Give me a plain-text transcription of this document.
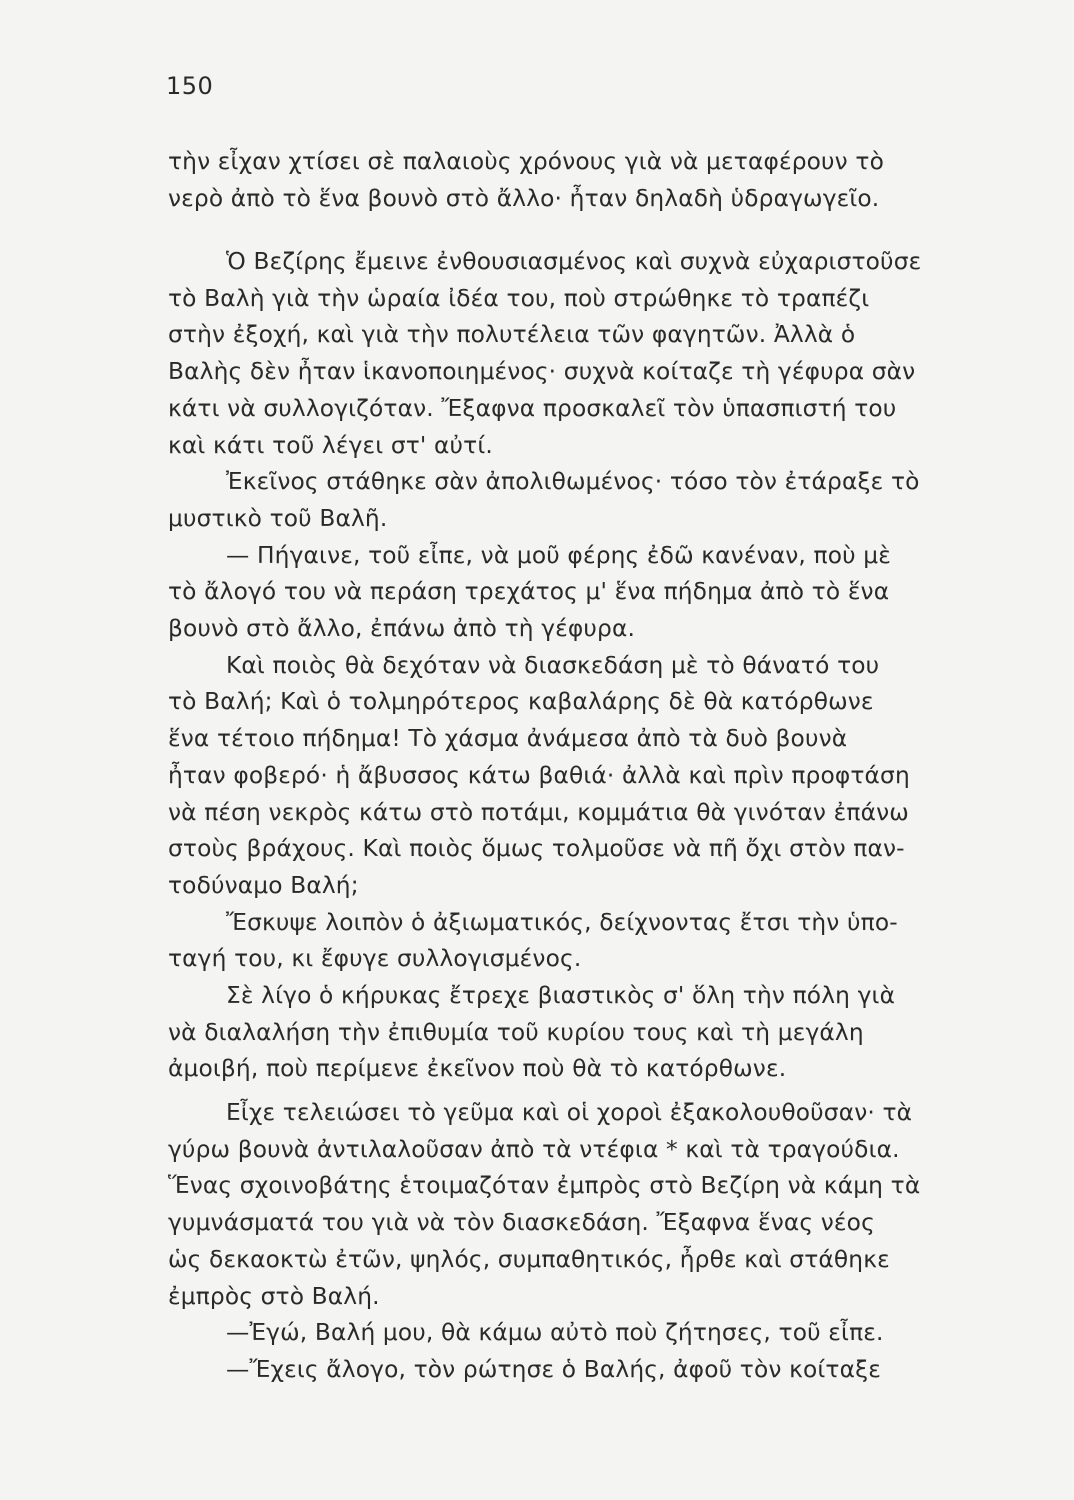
150
τὴν εἶχαν χτίσει σὲ παλαιοὺς χρόνους γιὰ νὰ μεταφέρουν τὸ
νερὸ ἀπὸ τὸ ἕνα βουνὸ στὸ ἄλλο· ἦταν δηλαδὴ ὑδραγωγεῖο.
Ὁ Βεζίρης ἔμεινε ἐνθουσιασμένος καὶ συχνὰ εὐχαριστοῦσε
τὸ Βαλὴ γιὰ τὴν ὡραία ἰδέα του, ποὺ στρώθηκε τὸ τραπέζι
στὴν ἐξοχή, καὶ γιὰ τὴν πολυτέλεια τῶν φαγητῶν. Ἀλλὰ ὁ
Βαλὴς δὲν ἦταν ἱκανοποιημένος· συχνὰ κοίταζε τὴ γέφυρα σὰν
κάτι νὰ συλλογιζόταν. Ἔξαφνα προσκαλεῖ τὸν ὑπασπιστή του
καὶ κάτι τοῦ λέγει στ' αὐτί.
Ἐκεῖνος στάθηκε σὰν ἀπολιθωμένος· τόσο τὸν ἐτάραξε τὸ
μυστικὸ τοῦ Βαλῆ.
— Πήγαινε, τοῦ εἶπε, νὰ μοῦ φέρης ἐδῶ κανέναν, ποὺ μὲ
τὸ ἄλογό του νὰ περάση τρεχάτος μ' ἕνα πήδημα ἀπὸ τὸ ἕνα
βουνὸ στὸ ἄλλο, ἐπάνω ἀπὸ τὴ γέφυρα.
Καὶ ποιὸς θὰ δεχόταν νὰ διασκεδάση μὲ τὸ θάνατό του
τὸ Βαλή; Καὶ ὁ τολμηρότερος καβαλάρης δὲ θὰ κατόρθωνε
ἕνα τέτοιο πήδημα! Τὸ χάσμα ἀνάμεσα ἀπὸ τὰ δυὸ βουνὰ
ἦταν φοβερό· ἡ ἄβυσσος κάτω βαθιά· ἀλλὰ καὶ πρὶν προφτάση
νὰ πέση νεκρὸς κάτω στὸ ποτάμι, κομμάτια θὰ γινόταν ἐπάνω
στοὺς βράχους. Καὶ ποιὸς ὅμως τολμοῦσε νὰ πῆ ὄχι στὸν παν-
τοδύναμο Βαλή;
Ἔσκυψε λοιπὸν ὁ ἀξιωματικός, δείχνοντας ἔτσι τὴν ὑπο-
ταγή του, κι ἔφυγε συλλογισμένος.
Σὲ λίγο ὁ κήρυκας ἔτρεχε βιαστικὸς σ' ὅλη τὴν πόλη γιὰ
νὰ διαλαλήση τὴν ἐπιθυμία τοῦ κυρίου τους καὶ τὴ μεγάλη
ἀμοιβή, ποὺ περίμενε ἐκεῖνον ποὺ θὰ τὸ κατόρθωνε.
Εἶχε τελειώσει τὸ γεῦμα καὶ οἱ χοροὶ ἐξακολουθοῦσαν· τὰ
γύρω βουνὰ ἀντιλαλοῦσαν ἀπὸ τὰ ντέφια * καὶ τὰ τραγούδια.
Ἕνας σχοινοβάτης ἑτοιμαζόταν ἐμπρὸς στὸ Βεζίρη νὰ κάμη τὰ
γυμνάσματά του γιὰ νὰ τὸν διασκεδάση. Ἔξαφνα ἕνας νέος
ὡς δεκαοκτὼ ἐτῶν, ψηλός, συμπαθητικός, ἦρθε καὶ στάθηκε
ἐμπρὸς στὸ Βαλή.
—Ἐγώ, Βαλή μου, θὰ κάμω αὐτὸ ποὺ ζήτησες, τοῦ εἶπε.
—Ἔχεις ἄλογο, τὸν ρώτησε ὁ Βαλής, ἀφοῦ τὸν κοίταξε
